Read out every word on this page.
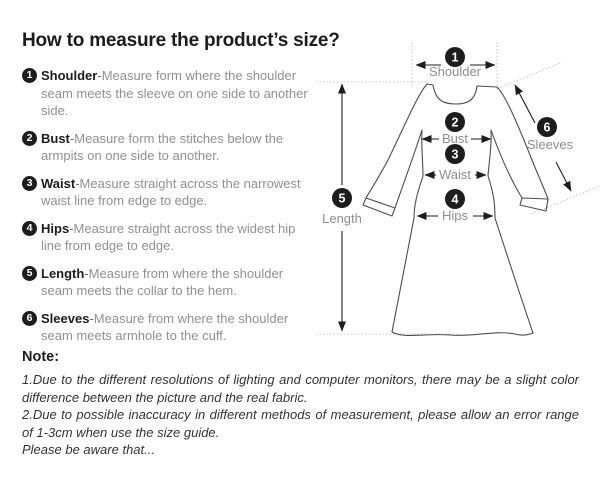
How to measure the product’s size?
1 Shoulder-Measure form where the shoulder seam meets the sleeve on one side to another side.
2 Bust-Measure form the stitches below the armpits on one side to another.
3 Waist-Measure straight across the narrowest waist line from edge to edge.
4 Hips-Measure straight across the widest hip line from edge to edge.
5 Length-Measure from where the shoulder seam meets the collar to the hem.
6 Sleeves-Measure from where the shoulder seam meets armhole to the cuff.
1
2
3
4
5
6
Shoulder
Bust
Waist
Hips
Length
Sleeves
Note:

1.Due to the different resolutions of lighting and computer monitors, there may be a slight color difference between the picture and the real fabric.

2.Due to possible inaccuracy in different methods of measurement, please allow an error range of 1-3cm when use the size guide.

Please be aware that...
